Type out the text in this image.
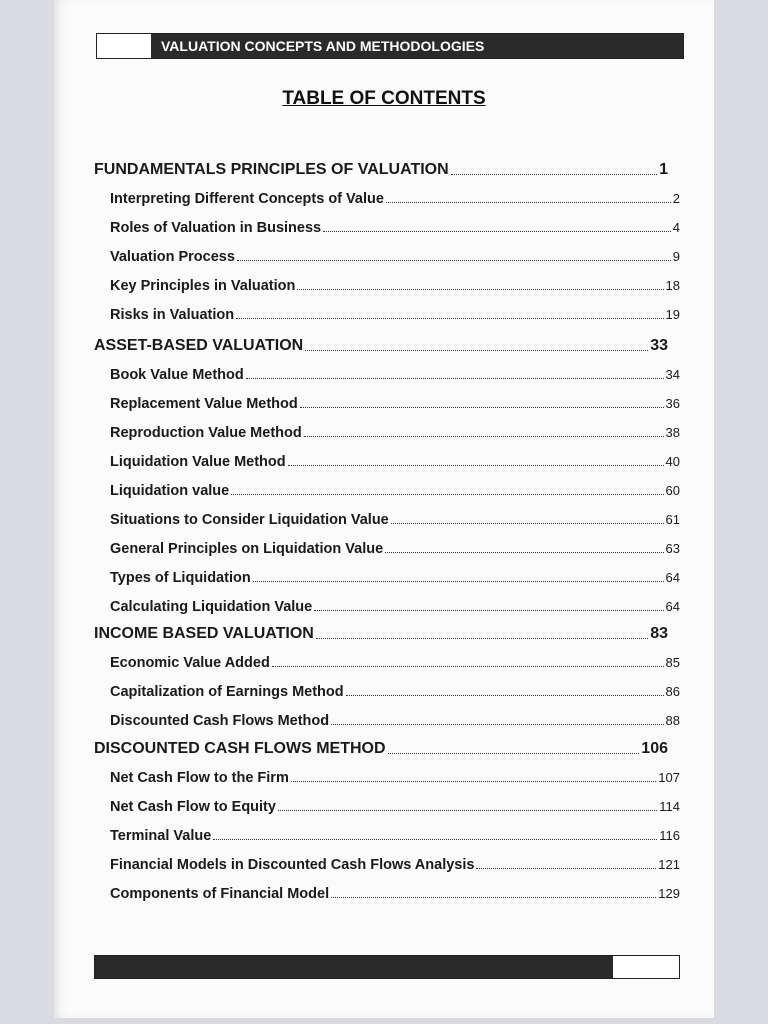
VALUATION CONCEPTS AND METHODOLOGIES
TABLE OF CONTENTS
FUNDAMENTALS PRINCIPLES OF VALUATION	1
Interpreting Different Concepts of Value	2
Roles of Valuation in Business	4
Valuation Process	9
Key Principles in Valuation	18
Risks in Valuation	19
ASSET-BASED VALUATION	33
Book Value Method	34
Replacement Value Method	36
Reproduction Value Method	38
Liquidation Value Method	40
Liquidation value	60
Situations to Consider Liquidation Value	61
General Principles on Liquidation Value	63
Types of Liquidation	64
Calculating Liquidation Value	64
INCOME BASED VALUATION	83
Economic Value Added	85
Capitalization of Earnings Method	86
Discounted Cash Flows Method	88
DISCOUNTED CASH FLOWS METHOD	106
Net Cash Flow to the Firm	107
Net Cash Flow to Equity	114
Terminal Value	116
Financial Models in Discounted Cash Flows Analysis	121
Components of Financial Model	129
